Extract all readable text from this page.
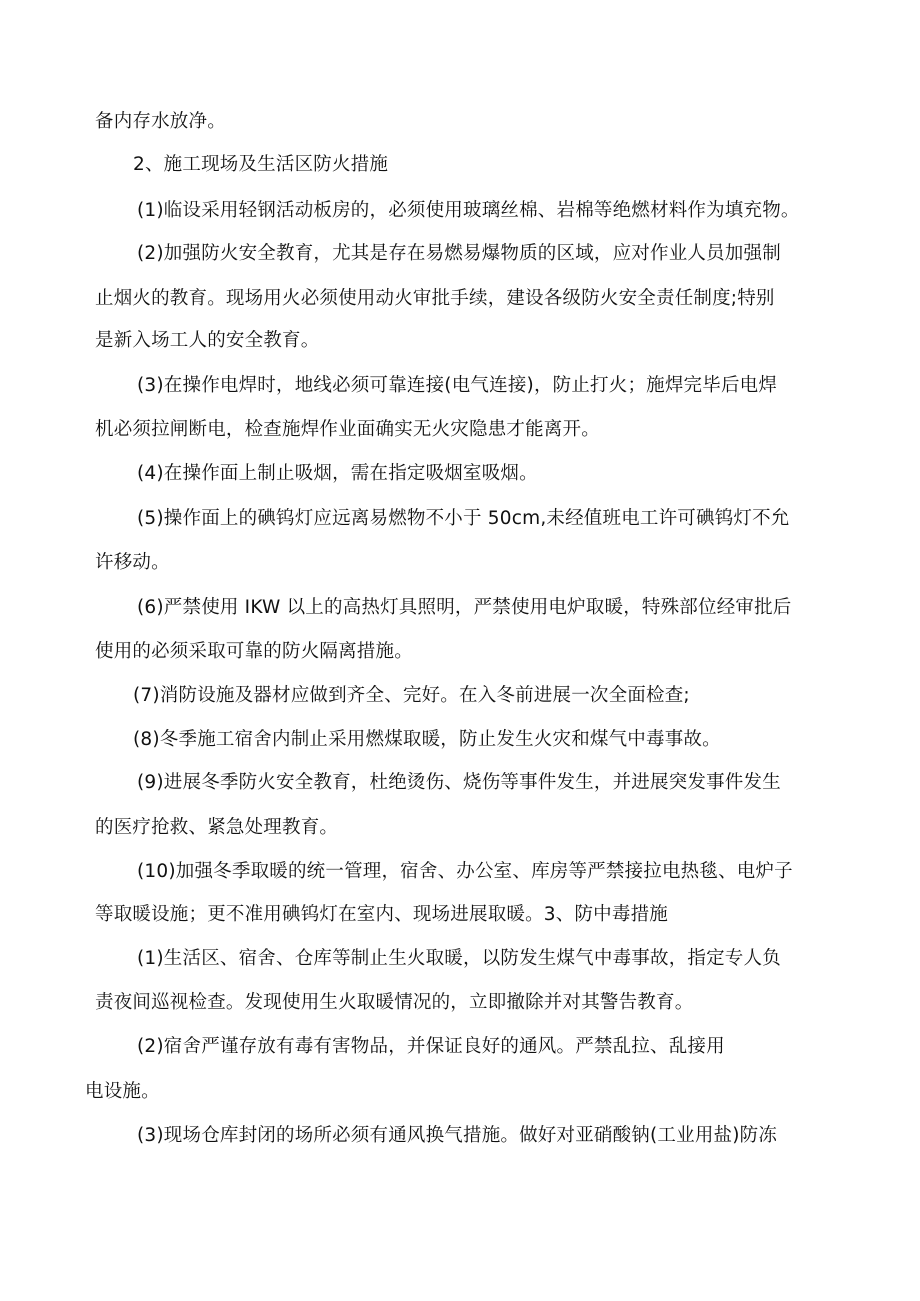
备内存水放净。
2、施工现场及生活区防火措施
(1)临设采用轻钢活动板房的，必须使用玻璃丝棉、岩棉等绝燃材料作为填充物。
(2)加强防火安全教育，尤其是存在易燃易爆物质的区域，应对作业人员加强制
止烟火的教育。现场用火必须使用动火审批手续，建设各级防火安全责任制度;特别
是新入场工人的安全教育。
(3)在操作电焊时，地线必须可靠连接(电气连接)，防止打火；施焊完毕后电焊
机必须拉闸断电，检查施焊作业面确实无火灾隐患才能离开。
(4)在操作面上制止吸烟，需在指定吸烟室吸烟。
(5)操作面上的碘钨灯应远离易燃物不小于 50cm,未经值班电工许可碘钨灯不允
许移动。
(6)严禁使用 IKW 以上的高热灯具照明，严禁使用电炉取暖，特殊部位经审批后
使用的必须采取可靠的防火隔离措施。
(7)消防设施及器材应做到齐全、完好。在入冬前进展一次全面检查;
(8)冬季施工宿舍内制止采用燃煤取暖，防止发生火灾和煤气中毒事故。
(9)进展冬季防火安全教育，杜绝烫伤、烧伤等事件发生，并进展突发事件发生
的医疗抢救、紧急处理教育。
(10)加强冬季取暖的统一管理，宿舍、办公室、库房等严禁接拉电热毯、电炉子
等取暖设施；更不准用碘钨灯在室内、现场进展取暖。3、防中毒措施
(1)生活区、宿舍、仓库等制止生火取暖，以防发生煤气中毒事故，指定专人负
责夜间巡视检查。发现使用生火取暖情况的，立即撤除并对其警告教育。
(2)宿舍严谨存放有毒有害物品，并保证良好的通风。严禁乱拉、乱接用
电设施。
(3)现场仓库封闭的场所必须有通风换气措施。做好对亚硝酸钠(工业用盐)防冻
